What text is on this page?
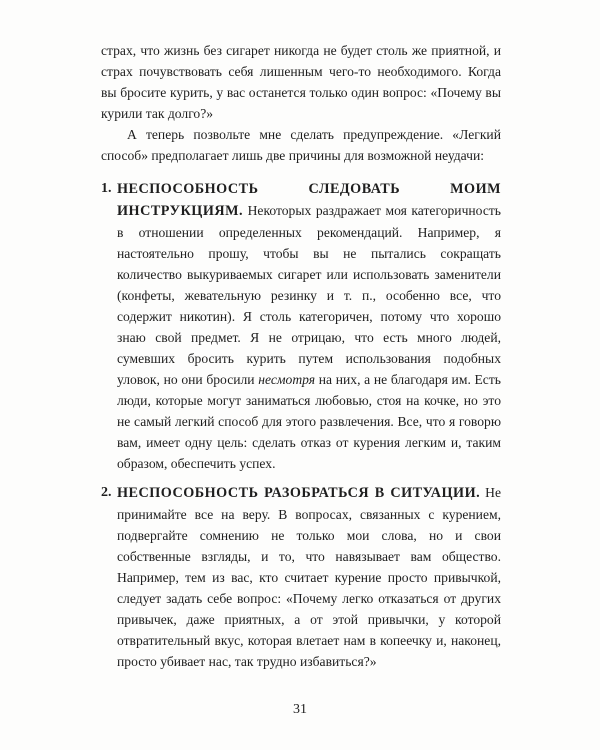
страх, что жизнь без сигарет никогда не будет столь же приятной, и страх почувствовать себя лишенным чего-то необходимого. Когда вы бросите курить, у вас останется только один вопрос: «Почему вы курили так долго?»

А теперь позвольте мне сделать предупреждение. «Легкий способ» предполагает лишь две причины для возможной неудачи:

1. НЕСПОСОБНОСТЬ СЛЕДОВАТЬ МОИМ ИНСТРУКЦИЯМ. Некоторых раздражает моя категоричность в отношении определенных рекомендаций. Например, я настоятельно прошу, чтобы вы не пытались сокращать количество выкуриваемых сигарет или использовать заменители (конфеты, жевательную резинку и т. п., особенно все, что содержит никотин). Я столь категоричен, потому что хорошо знаю свой предмет. Я не отрицаю, что есть много людей, сумевших бросить курить путем использования подобных уловок, но они бросили несмотря на них, а не благодаря им. Есть люди, которые могут заниматься любовью, стоя на кочке, но это не самый легкий способ для этого развлечения. Все, что я говорю вам, имеет одну цель: сделать отказ от курения легким и, таким образом, обеспечить успех.
2. НЕСПОСОБНОСТЬ РАЗОБРАТЬСЯ В СИТУАЦИИ. Не принимайте все на веру. В вопросах, связанных с курением, подвергайте сомнению не только мои слова, но и свои собственные взгляды, и то, что навязывает вам общество. Например, тем из вас, кто считает курение просто привычкой, следует задать себе вопрос: «Почему легко отказаться от других привычек, даже приятных, а от этой привычки, у которой отвратительный вкус, которая влетает нам в копеечку и, наконец, просто убивает нас, так трудно избавиться?»
31
